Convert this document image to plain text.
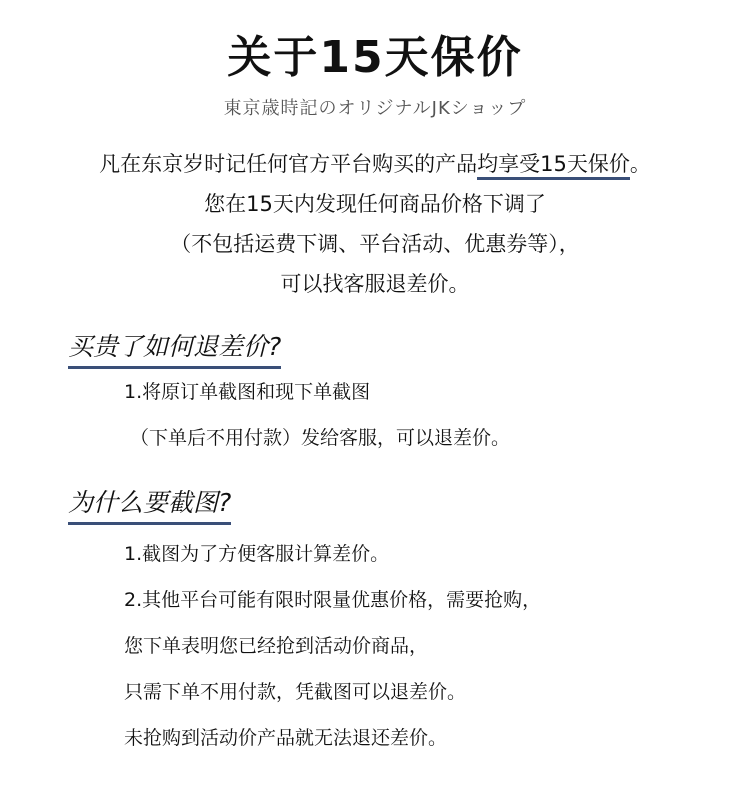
关于15天保价
東京歳時記のオリジナルJKショップ
凡在东京岁时记任何官方平台购买的产品均享受15天保价。
您在15天内发现任何商品价格下调了
（不包括运费下调、平台活动、优惠券等），
可以找客服退差价。
买贵了如何退差价?
1.将原订单截图和现下单截图
（下单后不用付款）发给客服，可以退差价。
为什么要截图?
1.截图为了方便客服计算差价。
2.其他平台可能有限时限量优惠价格，需要抢购，
您下单表明您已经抢到活动价商品，
只需下单不用付款，凭截图可以退差价。
未抢购到活动价产品就无法退还差价。
